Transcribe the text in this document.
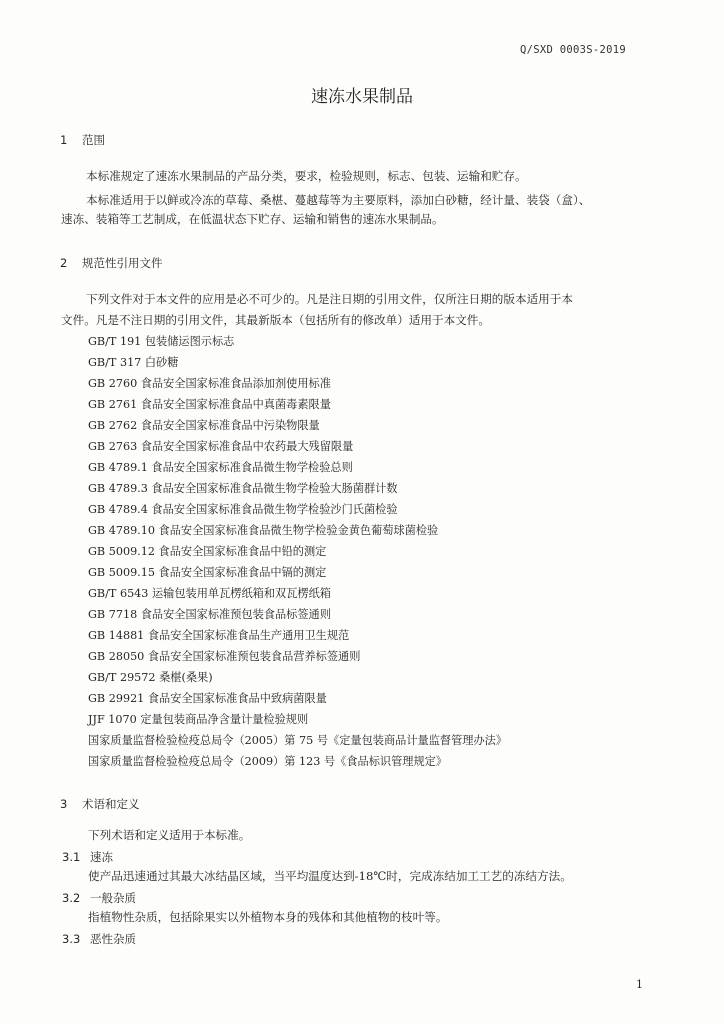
Q/SXD 0003S-2019
速冻水果制品
1 范围
本标准规定了速冻水果制品的产品分类，要求，检验规则，标志、包装、运输和贮存。
本标准适用于以鲜或冷冻的草莓、桑椹、蔓越莓等为主要原料，添加白砂糖，经计量、装袋（盒）、
速冻、装箱等工艺制成，在低温状态下贮存、运输和销售的速冻水果制品。
2 规范性引用文件
下列文件对于本文件的应用是必不可少的。凡是注日期的引用文件，仅所注日期的版本适用于本
文件。凡是不注日期的引用文件，其最新版本（包括所有的修改单）适用于本文件。
GB/T 191 包装储运图示标志
GB/T 317 白砂糖
GB 2760 食品安全国家标准食品添加剂使用标准
GB 2761 食品安全国家标准食品中真菌毒素限量
GB 2762 食品安全国家标准食品中污染物限量
GB 2763 食品安全国家标准食品中农药最大残留限量
GB 4789.1 食品安全国家标准食品微生物学检验总则
GB 4789.3 食品安全国家标准食品微生物学检验大肠菌群计数
GB 4789.4 食品安全国家标准食品微生物学检验沙门氏菌检验
GB 4789.10 食品安全国家标准食品微生物学检验金黄色葡萄球菌检验
GB 5009.12 食品安全国家标准食品中铅的测定
GB 5009.15 食品安全国家标准食品中镉的测定
GB/T 6543 运输包装用单瓦楞纸箱和双瓦楞纸箱
GB 7718 食品安全国家标准预包装食品标签通则
GB 14881 食品安全国家标准食品生产通用卫生规范
GB 28050 食品安全国家标准预包装食品营养标签通则
GB/T 29572 桑椹(桑果)
GB 29921 食品安全国家标准食品中致病菌限量
JJF 1070 定量包装商品净含量计量检验规则
国家质量监督检验检疫总局令（2005）第 75 号《定量包装商品计量监督管理办法》
国家质量监督检验检疫总局令（2009）第 123 号《食品标识管理规定》
3 术语和定义
下列术语和定义适用于本标准。
3.1 速冻
使产品迅速通过其最大冰结晶区域，当平均温度达到-18℃时，完成冻结加工工艺的冻结方法。
3.2 一般杂质
指植物性杂质，包括除果实以外植物本身的残体和其他植物的枝叶等。
3.3 恶性杂质
1
